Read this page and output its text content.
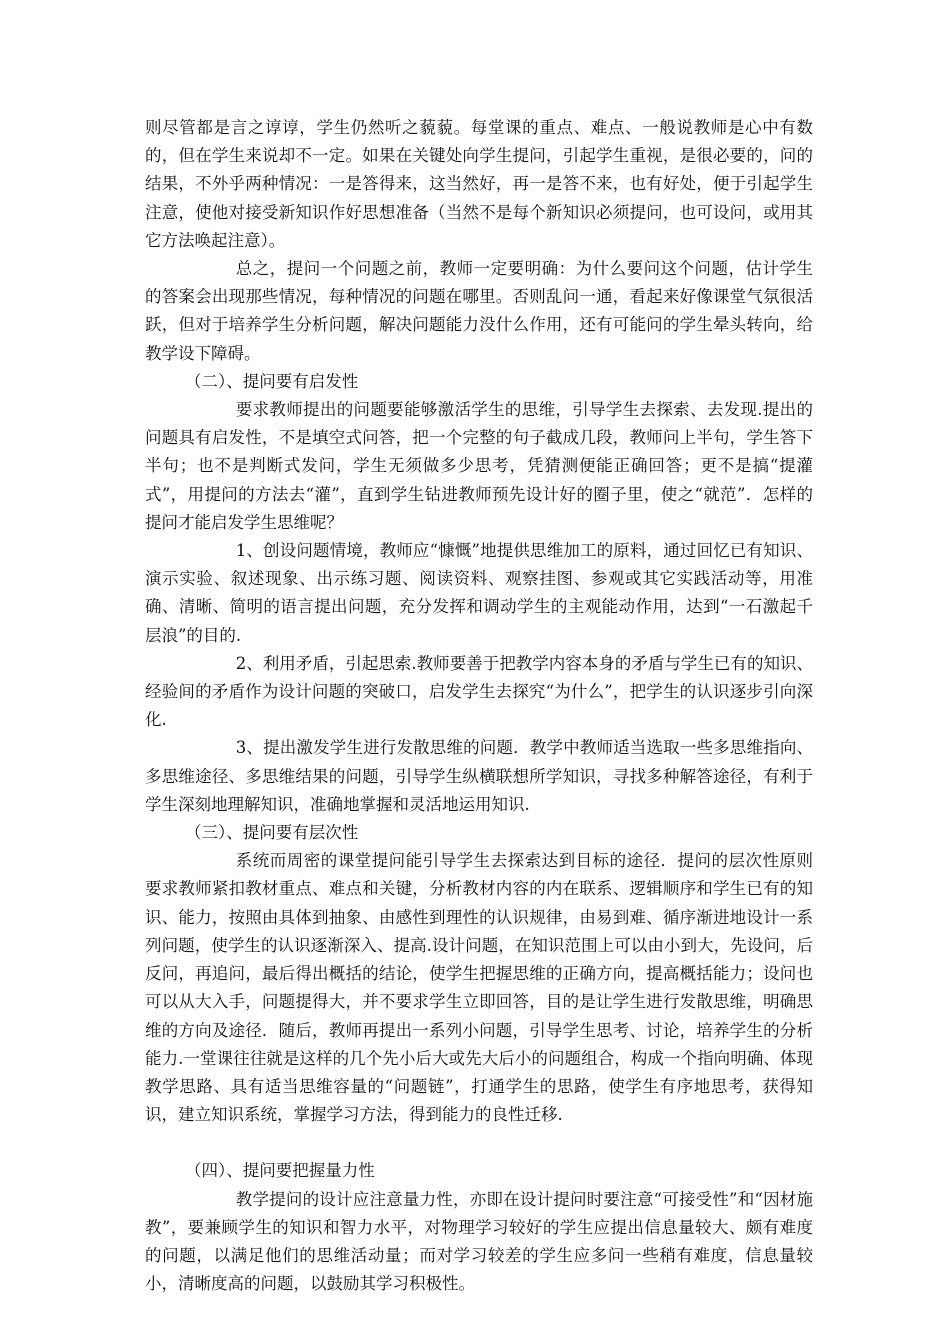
则尽管都是言之谆谆，学生仍然听之藐藐。每堂课的重点、难点、一般说教师是心中有数的，但在学生来说却不一定。如果在关键处向学生提问，引起学生重视，是很必要的，问的结果，不外乎两种情况：一是答得来，这当然好，再一是答不来，也有好处，便于引起学生注意，使他对接受新知识作好思想准备（当然不是每个新知识必须提问，也可设问，或用其它方法唤起注意）。

总之，提问一个问题之前，教师一定要明确：为什么要问这个问题，估计学生的答案会出现那些情况，每种情况的问题在哪里。否则乱问一通，看起来好像课堂气氛很活跃，但对于培养学生分析问题，解决问题能力没什么作用，还有可能问的学生晕头转向，给教学设下障碍。

（二）、提问要有启发性

要求教师提出的问题要能够激活学生的思维，引导学生去探索、去发现.提出的问题具有启发性，不是填空式问答，把一个完整的句子截成几段，教师问上半句，学生答下半句；也不是判断式发问，学生无须做多少思考，凭猜测便能正确回答；更不是搞“提灌式”，用提问的方法去“灌”，直到学生钻进教师预先设计好的圈子里，使之“就范”．怎样的提问才能启发学生思维呢？

1、创设问题情境，教师应“慷慨”地提供思维加工的原料，通过回忆已有知识、演示实验、叙述现象、出示练习题、阅读资料、观察挂图、参观或其它实践活动等，用准确、清晰、简明的语言提出问题，充分发挥和调动学生的主观能动作用，达到“一石激起千层浪”的目的.

2、利用矛盾，引起思索.教师要善于把教学内容本身的矛盾与学生已有的知识、经验间的矛盾作为设计问题的突破口，启发学生去探究“为什么”，把学生的认识逐步引向深化.

3、提出激发学生进行发散思维的问题．教学中教师适当选取一些多思维指向、多思维途径、多思维结果的问题，引导学生纵横联想所学知识，寻找多种解答途径，有利于学生深刻地理解知识，准确地掌握和灵活地运用知识.

（三）、提问要有层次性

系统而周密的课堂提问能引导学生去探索达到目标的途径．提问的层次性原则要求教师紧扣教材重点、难点和关键，分析教材内容的内在联系、逻辑顺序和学生已有的知识、能力，按照由具体到抽象、由感性到理性的认识规律，由易到难、循序渐进地设计一系列问题，使学生的认识逐渐深入、提高.设计问题，在知识范围上可以由小到大，先设问，后反问，再追问，最后得出概括的结论，使学生把握思维的正确方向，提高概括能力；设问也可以从大入手，问题提得大，并不要求学生立即回答，目的是让学生进行发散思维，明确思维的方向及途径．随后，教师再提出一系列小问题，引导学生思考、讨论，培养学生的分析能力.一堂课往往就是这样的几个先小后大或先大后小的问题组合，构成一个指向明确、体现教学思路、具有适当思维容量的“问题链”，打通学生的思路，使学生有序地思考，获得知识，建立知识系统，掌握学习方法，得到能力的良性迁移.

（四）、提问要把握量力性

教学提问的设计应注意量力性，亦即在设计提问时要注意“可接受性”和“因材施教”，要兼顾学生的知识和智力水平，对物理学习较好的学生应提出信息量较大、颇有难度的问题，以满足他们的思维活动量；而对学习较差的学生应多问一些稍有难度，信息量较小，清晰度高的问题，以鼓励其学习积极性。
